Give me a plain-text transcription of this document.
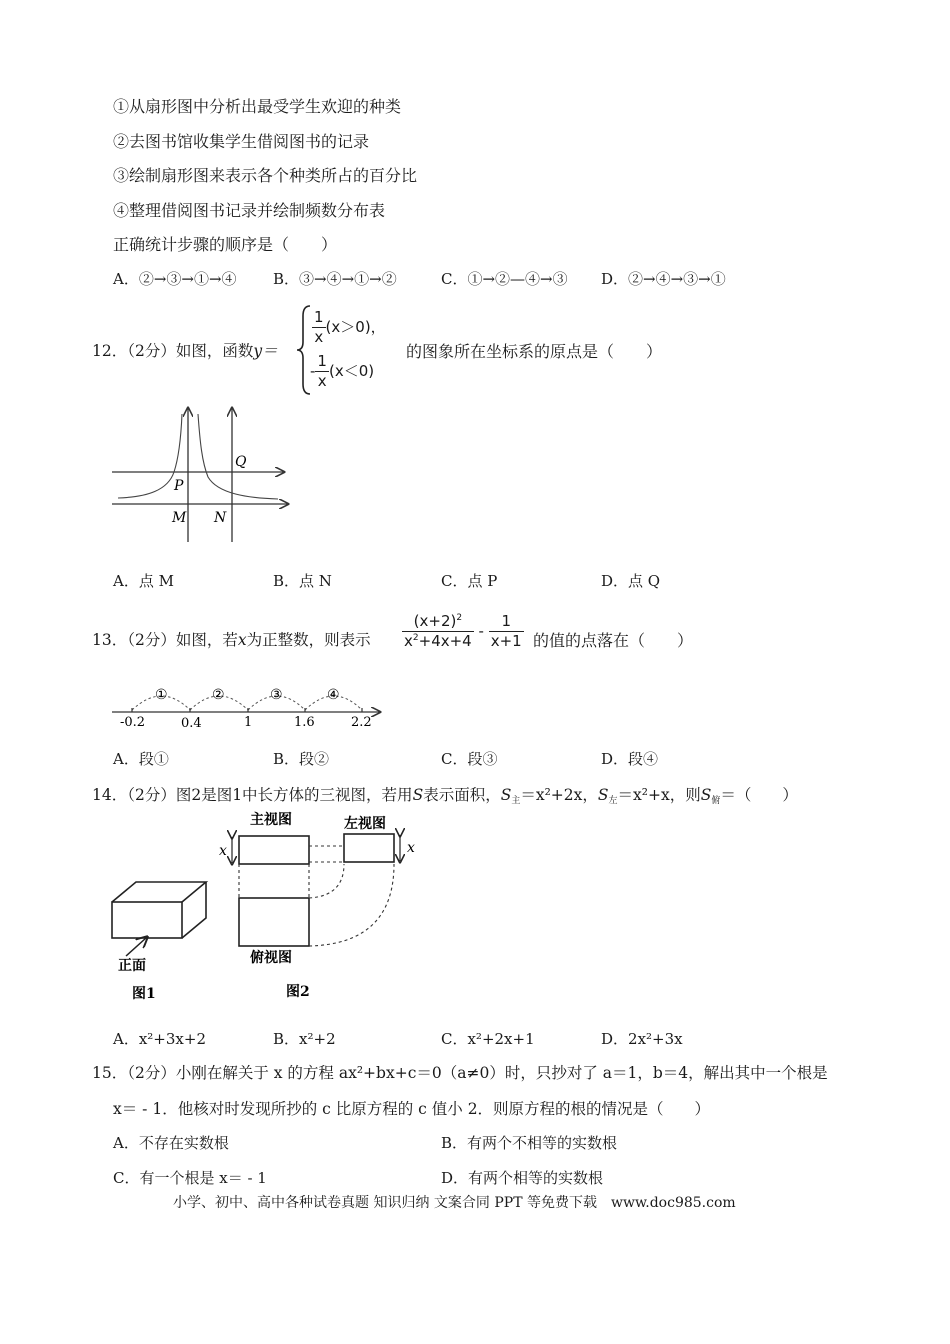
①从扇形图中分析出最受学生欢迎的种类
②去图书馆收集学生借阅图书的记录
③绘制扇形图来表示各个种类所占的百分比
④整理借阅图书记录并绘制频数分布表
正确统计步骤的顺序是（　　）
A．②→③→①→④ B．③→④→①→②	C．①→②—④→③ D．②→④→③→①
12．（2分）如图，函数y＝
$\frac{1}{x} (x>0)$，
- $\frac{1}{x} (x<0)$
的图象所在坐标系的原点是（　　）
Q
P
M N
A．点 M	B．点 N	C．点 P	D．点 Q
13．（2分）如图，若x为正整数，则表示 $\frac{(x+2)^2}{x^2+4x+4} - \frac{1}{x+1}$ 的值的点落在（　　）
①	②	③	④
-0.2	0.4	1	1.6	2.2
A．段①	B．段②	C．段③	D．段④
14．（2分）图2是图1中长方体的三视图，若用S表示面积，$S_主=x^2+2x$，$S_左=x^2+x$，则$S_俯=$（　　）
正面
图1
主视图
x
左视图
x
俯视图
图2
A．x²+3x+2	B．x²+2	C．x²+2x+1	D．2x²+3x
15．（2分）小刚在解关于 x 的方程 ax²+bx+c＝0（a≠0）时，只抄对了 a＝1，b＝4，解出其中一个根是
x＝ - 1．他核对时发现所抄的 c 比原方程的 c 值小 2．则原方程的根的情况是（　　）
A．不存在实数根	B．有两个不相等的实数根
C．有一个根是 x＝ - 1	D．有两个相等的实数根
小学、初中、高中各种试卷真题 知识归纳 文案合同 PPT 等免费下载　www.doc985.com
